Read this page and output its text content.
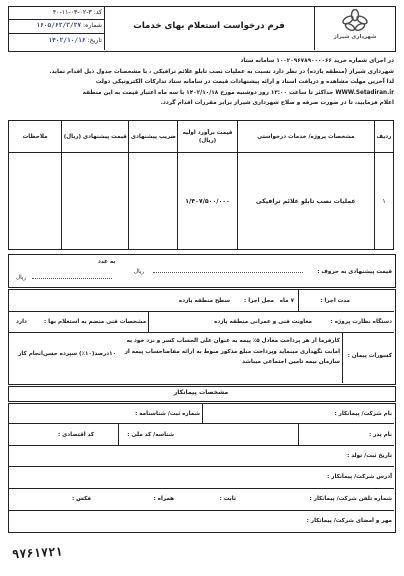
شهرداری شیراز
فرم درخواست استعلام بهای خدمات
کد: ۳-۰۲-۰۳-۱۱-۴۰
شماره: ۱۶۰۵/۶۲/۳/۲۷
تاریخ: ۱۴۰۲/۱۰/۱۶
در اجرای شماره خرید ۱۰۰۲۰۹۶۷۸۹۰۰۰۰۶۶ سامانه ستاد
شهرداری شیراز (منطقه یازده) در نظر دارد نسبت به عملیات نصب تابلو علائم ترافیکی ، با مشخصات جدول ذیل اقدام نماید.
لذا آخرین مهلت مشاهده و دریافت اسناد و ارائه پیشنهادات قیمت در سامانه ستاد تدارکات الکترونیکی دولت
WWW.Setadiran.ir حداکثر تا ساعت ۱۳:۰۰ روز دوشنبه مورخ ۱۴۰۲/۱۰/۱۸ با سه ماه اعتبار قیمت به این منطقه
اعلام فرمایید، تا در صورت صرفه و صلاح شهرداری شیراز برابر مقررات اقدام گردد.
ردیف	مشخصات پروژه/ خدمات درخواستی	قیمت برآورد اولیه (ریال)	ضریب پیشنهادی	قیمت پیشنهادی (ریال)	ملاحظات
۱	عملیات نصب تابلو علائم ترافیکی	۱/۴۰۷/۵۰۰/۰۰۰			
قیمت پیشنهادی به حروف :
ریال
به عدد
ریال
مدت اجرا :
۷ ماه
محل اجرا :
سطح منطقه یازده
دستگاه نظارت پروژه :
معاونت فنی و عمرانی منطقه یازده
مشخصات فنی منضم به استعلام بها :
دارد
کسورات پیمان :
کارفرما از هر پرداخت معادل ۵٪ پیمه به عنوان علی الحساب کسر و نزد خود به امانت نگهداری مینماید وپرداخت مبلغ مذکور منوط به ارائه مفاصاحساب پیمه از سازمان بیمه تامین اجتماعی میباشد
۱۰درصد(۱۰٪) سپرده حسن‌انجام کار
مشخصات پیمانکار
نام شرکت/ پیمانکار :
شماره ثبت/ شناسنامه :
نام پدر :
شناسه/ کد ملی :
کد اقتصادی :
تاریخ ثبت/ تولد :
آدرس شرکت/ پیمانکار :
شماره تلفن شرکت/ پیمانکار :
ثابت :
همراه :
فکس :
مهر و امضای شرکت/ پیمانکار :
۹۷۶۱۷۲۱
